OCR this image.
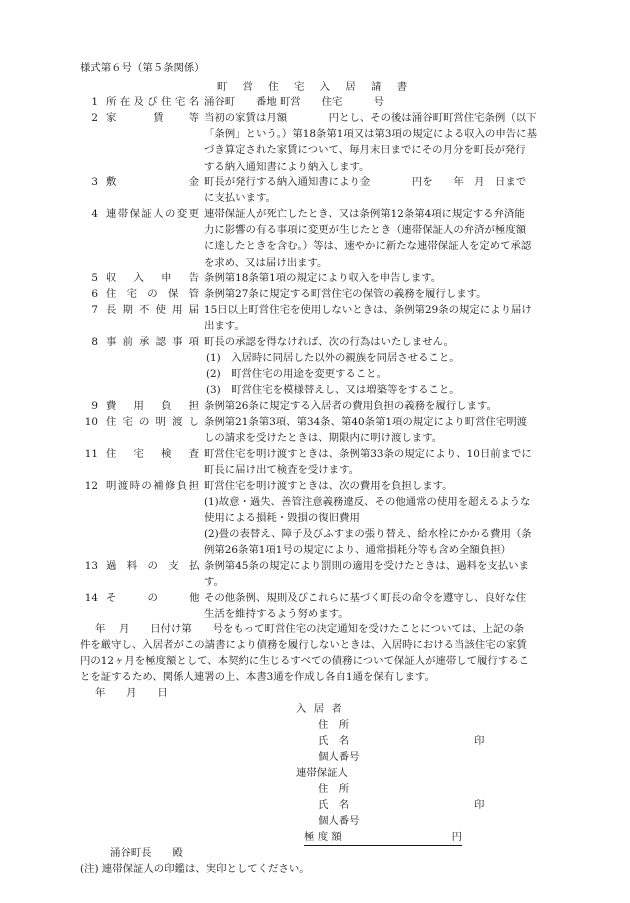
様式第６号（第５条関係）
町 営 住 宅 入 居 請 書
1 所在及び住宅名 涌谷町　　番地 町営　　住宅　　　号
2 家　　　賃　　等 当初の家賃は月額　　　　円とし、その後は涌谷町町営住宅条例（以下
「条例」という。）第18条第1項又は第3項の規定による収入の申告に基
づき算定された家賃について、毎月末日までにその月分を町長が発行
する納入通知書により納入します。
3 敷　　　　　　金 町長が発行する納入通知書により金　　　　円を　　年　月　日まで
に支払います。
4 連帯保証人の変更 連帯保証人が死亡したとき、又は条例第12条第4項に規定する弁済能
力に影響の有る事項に変更が生じたとき（連帯保証人の弁済が極度額
に達したときを含む。）等は、速やかに新たな連帯保証人を定めて承認
を求め、又は届け出ます。
5 収　入　申　告 条例第18条第1項の規定により収入を申告します。
6 住 宅 の 保 管 条例第27条に規定する町営住宅の保管の義務を履行します。
7 長 期 不 使 用 届 15日以上町営住宅を使用しないときは、条例第29条の規定により届け
出ます。
8 事 前 承 認 事 項 町長の承認を得なければ、次の行為はいたしません。
(1)　入居時に同居した以外の親族を同居させること。
(2)　町営住宅の用途を変更すること。
(3)　町営住宅を模様替えし、又は増築等をすること。
9 費　用　負　担 条例第26条に規定する入居者の費用負担の義務を履行します。
10 住 宅 の 明 渡 し 条例第21条第3項、第34条、第40条第1項の規定により町営住宅明渡
しの請求を受けたときは、期限内に明け渡します。
11 住　宅　検　査 町営住宅を明け渡すときは、条例第33条の規定により、10日前までに
町長に届け出て検査を受けます。
12 明渡時の補修負担 町営住宅を明け渡すときは、次の費用を負担します。
(1)故意・過失、善管注意義務違反、その他通常の使用を超えるような
使用による損耗・毀損の復旧費用
(2)畳の表替え、障子及びふすまの張り替え、給水栓にかかる費用（条
例第26条第1項1号の規定により、通常損耗分等も含め全額負担）
13 過　料　の　支　払 条例第45条の規定により罰則の適用を受けたときは、過料を支払いま
す。
14 そ　　　の　　　他 その他条例、規則及びこれらに基づく町長の命令を遵守し、良好な住
生活を維持するよう努めます。
年　 月　　日付け第　　号をもって町営住宅の決定通知を受けたことについては、上記の条
件を厳守し、入居者がこの請書により債務を履行しないときは、入居時における当該住宅の家賃
円の12ヶ月を極度額として、本契約に生じるすべての債務について保証人が連帯して履行するこ
とを証するため、関係人連署の上、本書3通を作成し各自1通を保有します。
年　　月　　日
入 居 者
住　所
氏　名	印
個人番号
連帯保証人
住　所
氏　名	印
個人番号
極 度 額	円
涌谷町長　　殿
(注) 連帯保証人の印鑑は、実印としてください。
